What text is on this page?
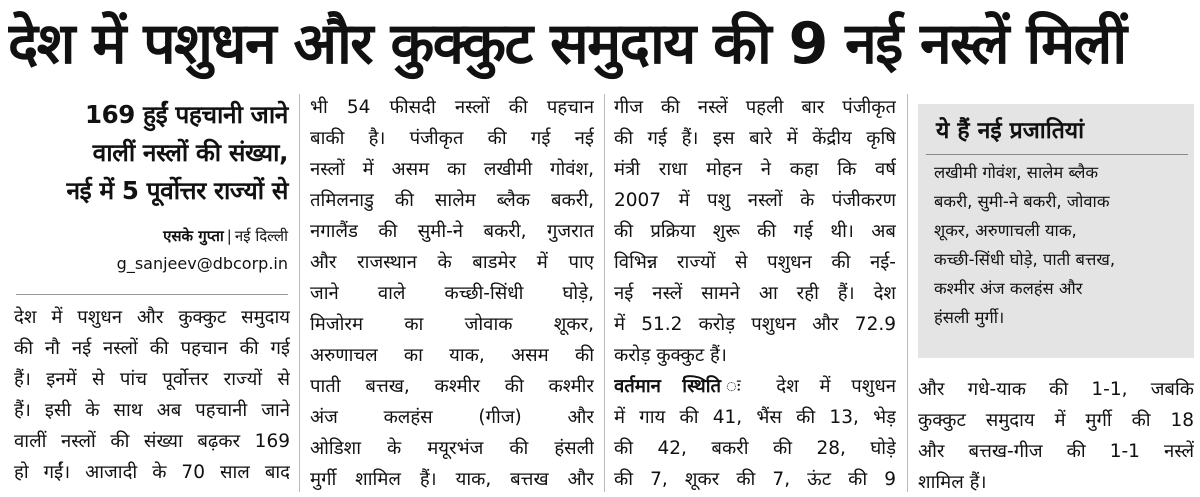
देश में पशुधन और कुक्कुट समुदाय की 9 नई नस्लें मिलीं
169 हुईं पहचानी जाने
वालीं नस्लों की संख्या,
नई में 5 पूर्वोत्तर राज्यों से
एसके गुप्ता | नई दिल्ली
g_sanjeev@dbcorp.in
देश में पशुधन और कुक्कुट समुदाय
की नौ नई नस्लों की पहचान की गई
हैं। इनमें से पांच पूर्वोत्तर राज्यों से
हैं। इसी के साथ अब पहचानी जाने
वालीं नस्लों की संख्या बढ़कर 169
हो गईं। आजादी के 70 साल बाद
भी 54 फीसदी नस्लों की पहचान
बाकी है। पंजीकृत की गई नई
नस्लों में असम का लखीमी गोवंश,
तमिलनाडु की सालेम ब्लैक बकरी,
नगालैंड की सुमी-ने बकरी, गुजरात
और राजस्थान के बाडमेर में पाए
जाने वाले कच्छी-सिंधी घोड़े,
मिजोरम का जोवाक शूकर,
अरुणाचल का याक, असम की
पाती बत्तख, कश्मीर की कश्मीर
अंज कलहंस (गीज) और
ओडिशा के मयूरभंज की हंसली
मुर्गी शामिल हैं। याक, बत्तख और
गीज की नस्लें पहली बार पंजीकृत
की गई हैं। इस बारे में केंद्रीय कृषि
मंत्री राधा मोहन ने कहा कि वर्ष
2007 में पशु नस्लों के पंजीकरण
की प्रक्रिया शुरू की गई थी। अब
विभिन्न राज्यों से पशुधन की नई-
नई नस्लें सामने आ रही हैं। देश
में 51.2 करोड़ पशुधन और 72.9
करोड़ कुक्कुट हैं।
वर्तमान स्थिति ः देश में पशुधन
में गाय की 41, भैंस की 13, भेड़
की 42, बकरी की 28, घोड़े
की 7, शूकर की 7, ऊंट की 9
ये हैं नई प्रजातियां
लखीमी गोवंश, सालेम ब्लैक
बकरी, सुमी-ने बकरी, जोवाक
शूकर, अरुणाचली याक,
कच्छी-सिंधी घोड़े, पाती बत्तख,
कश्मीर अंज कलहंस और
हंसली मुर्गी।
और गधे-याक की 1-1, जबकि
कुक्कुट समुदाय में मुर्गी की 18
और बत्तख-गीज की 1-1 नस्लें
शामिल हैं।
